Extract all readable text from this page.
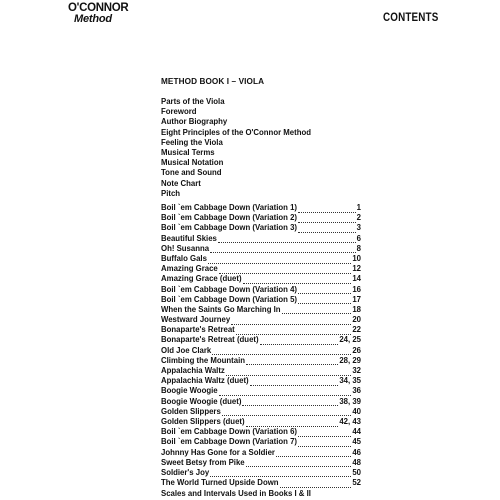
O'CONNOR
Method	CONTENTS
METHOD BOOK I – VIOLA
Parts of the Viola
Foreword
Author Biography
Eight Principles of the O'Connor Method
Feeling the Viola
Musical Terms
Musical Notation
Tone and Sound
Note Chart
Pitch
Boil `em Cabbage Down (Variation 1)	1
Boil `em Cabbage Down (Variation 2)	2
Boil `em Cabbage Down (Variation 3)	3
Beautiful Skies	6
Oh! Susanna	8
Buffalo Gals	10
Amazing Grace	12
Amazing Grace (duet)	14
Boil `em Cabbage Down (Variation 4)	16
Boil `em Cabbage Down (Variation 5)	17
When the Saints Go Marching In	18
Westward Journey	20
Bonaparte's Retreat	22
Bonaparte's Retreat (duet)	24, 25
Old Joe Clark	26
Climbing the Mountain	28, 29
Appalachia Waltz	32
Appalachia Waltz (duet)	34, 35
Boogie Woogie	36
Boogie Woogie (duet)	38, 39
Golden Slippers	40
Golden Slippers (duet)	42, 43
Boil `em Cabbage Down (Variation 6)	44
Boil `em Cabbage Down (Variation 7)	45
Johnny Has Gone for a Soldier	46
Sweet Betsy from Pike	48
Soldier's Joy	50
The World Turned Upside Down	52
Scales and Intervals Used in Books I & II
